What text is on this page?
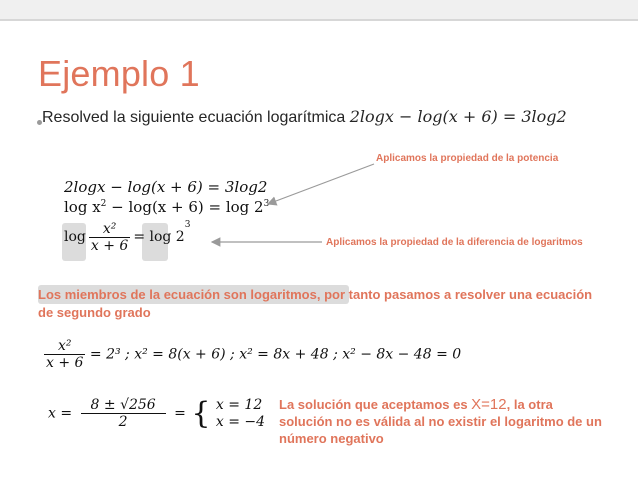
Ejemplo 1
Resolved la siguiente ecuación logarítmica 2logx − log(x + 6) = 3log2
2logx − log(x + 6) = 3log2
$\log x^2 - \log(x + 6) = \log 2^3$
$\log \frac{\text{x²}}{x + 6} = \log 2^3$
Aplicamos la propiedad de la potencia
Aplicamos la propiedad de la diferencia de logaritmos
Los miembros de la ecuación son logaritmos, por tanto pasamos a resolver una ecuación de segundo grado
$\frac{\text{x²}}{x + 6} = 2^3$ ; x² = 8(x + 6) ; x² = 8x + 48 ; x² − 8x − 48 = 0
$x = \frac{8 \pm √256}{2}$ = { x = 12
x = −4
La solución que aceptamos es X=12, la otra solución no es válida al no existir el logaritmo de un número negativo
